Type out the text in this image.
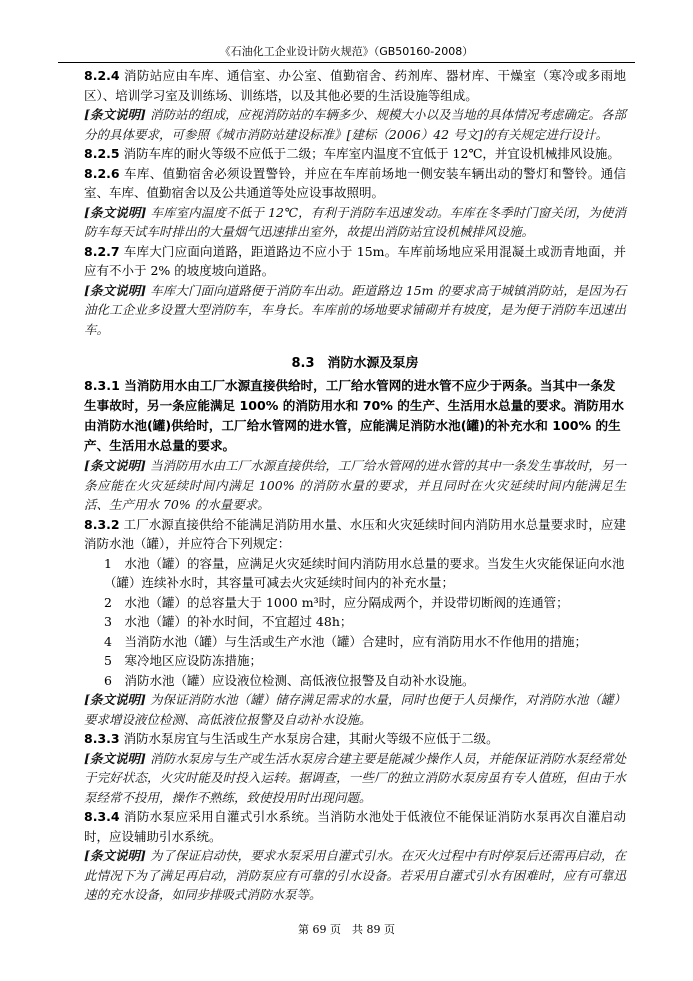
《石油化工企业设计防火规范》（GB50160-2008）

8.2.4 消防站应由车库、通信室、办公室、值勤宿舍、药剂库、器材库、干燥室（寒冷或多雨地区）、培训学习室及训练场、训练塔，以及其他必要的生活设施等组成。

[条文说明] 消防站的组成，应视消防站的车辆多少、规模大小以及当地的具体情况考虑确定。各部分的具体要求，可参照《城市消防站建设标准》[建标（2006）42 号文]的有关规定进行设计。

8.2.5 消防车库的耐火等级不应低于二级；车库室内温度不宜低于 12℃，并宜设机械排风设施。

8.2.6 车库、值勤宿舍必须设置警铃，并应在车库前场地一侧安装车辆出动的警灯和警铃。通信室、车库、值勤宿舍以及公共通道等处应设事故照明。

[条文说明] 车库室内温度不低于 12℃，有利于消防车迅速发动。车库在冬季时门窗关闭，为使消防车每天试车时排出的大量烟气迅速排出室外，故提出消防站宜设机械排风设施。

8.2.7 车库大门应面向道路，距道路边不应小于 15m。车库前场地应采用混凝土或沥青地面，并应有不小于 2% 的坡度坡向道路。

[条文说明] 车库大门面向道路便于消防车出动。距道路边 15m 的要求高于城镇消防站，是因为石油化工企业多设置大型消防车，车身长。车库前的场地要求铺砌并有坡度，是为便于消防车迅速出车。

8.3　 消防水源及泵房

8.3.1 当消防用水由工厂水源直接供给时，工厂给水管网的进水管不应少于两条。当其中一条发生事故时，另一条应能满足 100% 的消防用水和 70% 的生产、生活用水总量的要求。消防用水由消防水池(罐)供给时，工厂给水管网的进水管，应能满足消防水池(罐)的补充水和 100% 的生产、生活用水总量的要求。

[条文说明] 当消防用水由工厂水源直接供给，工厂给水管网的进水管的其中一条发生事故时，另一条应能在火灾延续时间内满足 100% 的消防水量的要求，并且同时在火灾延续时间内能满足生活、生产用水 70% 的水量要求。

8.3.2 工厂水源直接供给不能满足消防用水量、水压和火灾延续时间内消防用水总量要求时，应建消防水池（罐），并应符合下列规定：

1　水池（罐）的容量，应满足火灾延续时间内消防用水总量的要求。当发生火灾能保证向水池（罐）连续补水时，其容量可减去火灾延续时间内的补充水量；

2　水池（罐）的总容量大于 1000 m³时，应分隔成两个，并设带切断阀的连通管；

3　水池（罐）的补水时间，不宜超过 48h；

4　当消防水池（罐）与生活或生产水池（罐）合建时，应有消防用水不作他用的措施；

5　寒冷地区应设防冻措施；

6　消防水池（罐）应设液位检测、高低液位报警及自动补水设施。

[条文说明] 为保证消防水池（罐）储存满足需求的水量，同时也便于人员操作，对消防水池（罐）要求增设液位检测、高低液位报警及自动补水设施。

8.3.3 消防水泵房宜与生活或生产水泵房合建，其耐火等级不应低于二级。

[条文说明] 消防水泵房与生产或生活水泵房合建主要是能减少操作人员，并能保证消防水泵经常处于完好状态，火灾时能及时投入运转。据调查，一些厂的独立消防水泵房虽有专人值班，但由于水泵经常不投用，操作不熟练，致使投用时出现问题。

8.3.4 消防水泵应采用自灌式引水系统。当消防水池处于低液位不能保证消防水泵再次自灌启动时，应设辅助引水系统。

[条文说明] 为了保证启动快，要求水泵采用自灌式引水。在灭火过程中有时停泵后还需再启动，在此情况下为了满足再启动，消防泵应有可靠的引水设备。若采用自灌式引水有困难时，应有可靠迅速的充水设备，如同步排吸式消防水泵等。

第 69 页　共 89 页
